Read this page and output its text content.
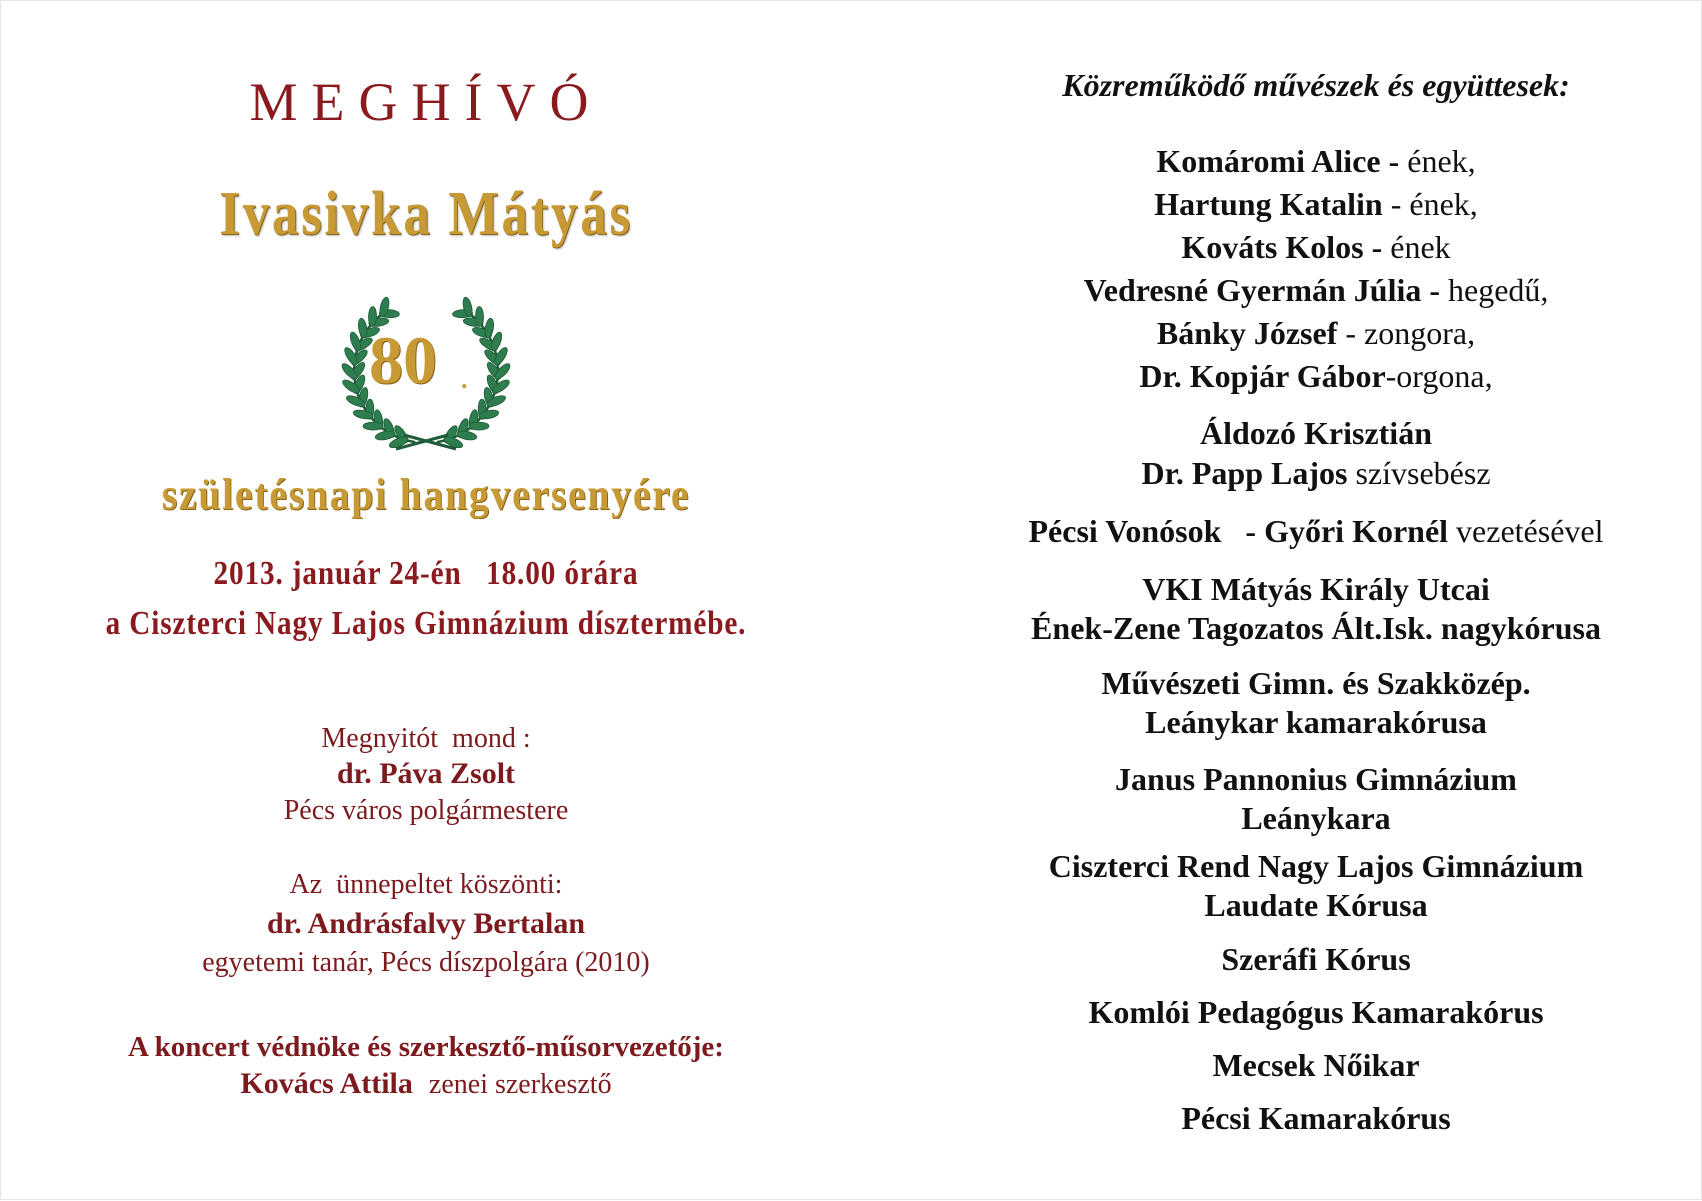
MEGHÍVÓ
Ivasivka Mátyás
80 .
születésnapi hangversenyére
2013. január 24-én   18.00 órára
a Ciszterci Nagy Lajos Gimnázium dísztermébe.
Megnyitót  mond :
dr. Páva Zsolt
Pécs város polgármestere
Az  ünnepeltet köszönti:
dr. Andrásfalvy Bertalan
egyetemi tanár, Pécs díszpolgára (2010)
A koncert védnöke és szerkesztő-műsorvezetője:
Kovács Attila zenei szerkesztő
Közreműködő művészek és együttesek:
Komáromi Alice - ének,
Hartung Katalin - ének,
Kováts Kolos - ének
Vedresné Gyermán Júlia - hegedű,
Bánky József - zongora,
Dr. Kopjár Gábor-orgona,
Áldozó Krisztián
Dr. Papp Lajos szívsebész
Pécsi Vonósok   - Győri Kornél vezetésével
VKI Mátyás Király Utcai
Ének-Zene Tagozatos Ált.Isk. nagykórusa
Művészeti Gimn. és Szakközép.
Leánykar kamarakórusa
Janus Pannonius Gimnázium
Leánykara
Ciszterci Rend Nagy Lajos Gimnázium
Laudate Kórusa
Szeráfi Kórus
Komlói Pedagógus Kamarakórus
Mecsek Nőikar
Pécsi Kamarakórus
